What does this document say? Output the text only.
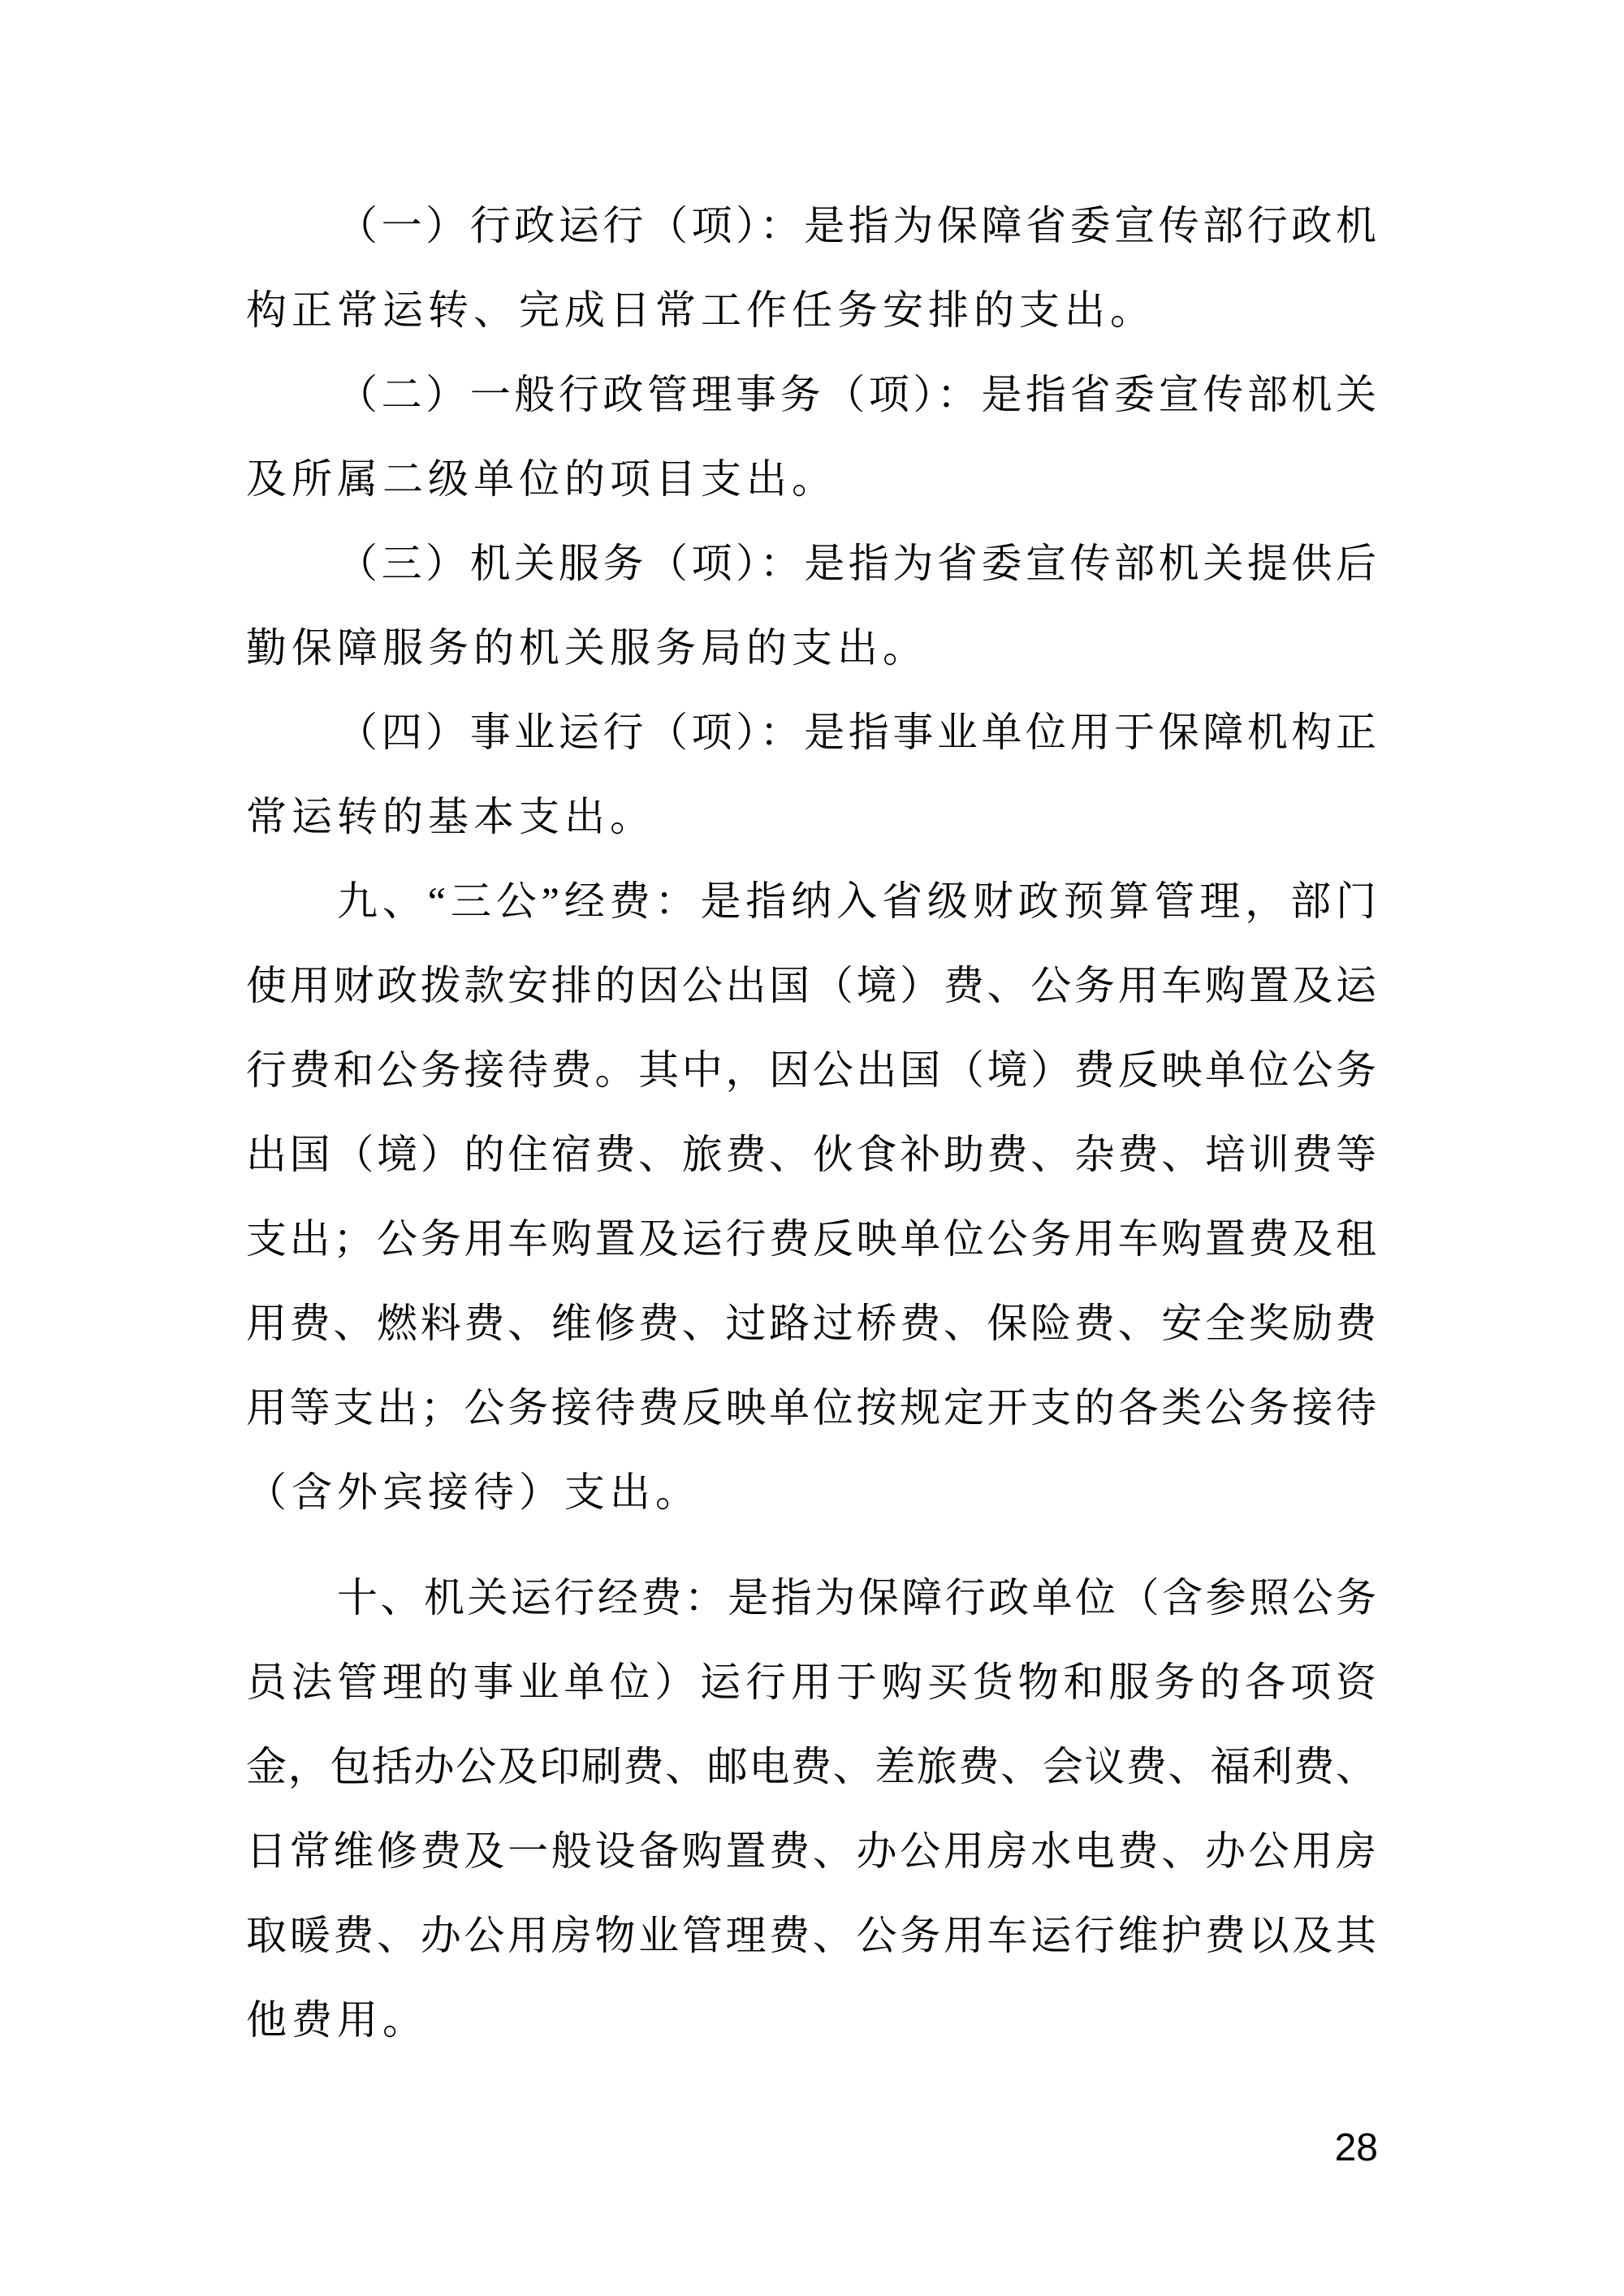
（一）行政运行（项）：是指为保障省委宣传部行政机
构正常运转、完成日常工作任务安排的支出。
（二）一般行政管理事务（项）：是指省委宣传部机关
及所属二级单位的项目支出。
（三）机关服务（项）：是指为省委宣传部机关提供后
勤保障服务的机关服务局的支出。
（四）事业运行（项）：是指事业单位用于保障机构正
常运转的基本支出。
九、“三公”经费：是指纳入省级财政预算管理，部门
使用财政拨款安排的因公出国（境）费、公务用车购置及运
行费和公务接待费。其中，因公出国（境）费反映单位公务
出国（境）的住宿费、旅费、伙食补助费、杂费、培训费等
支出；公务用车购置及运行费反映单位公务用车购置费及租
用费、燃料费、维修费、过路过桥费、保险费、安全奖励费
用等支出；公务接待费反映单位按规定开支的各类公务接待
（含外宾接待）支出。
十、机关运行经费：是指为保障行政单位（含参照公务
员法管理的事业单位）运行用于购买货物和服务的各项资
金，包括办公及印刷费、邮电费、差旅费、会议费、福利费、
日常维修费及一般设备购置费、办公用房水电费、办公用房
取暖费、办公用房物业管理费、公务用车运行维护费以及其
他费用。
28
